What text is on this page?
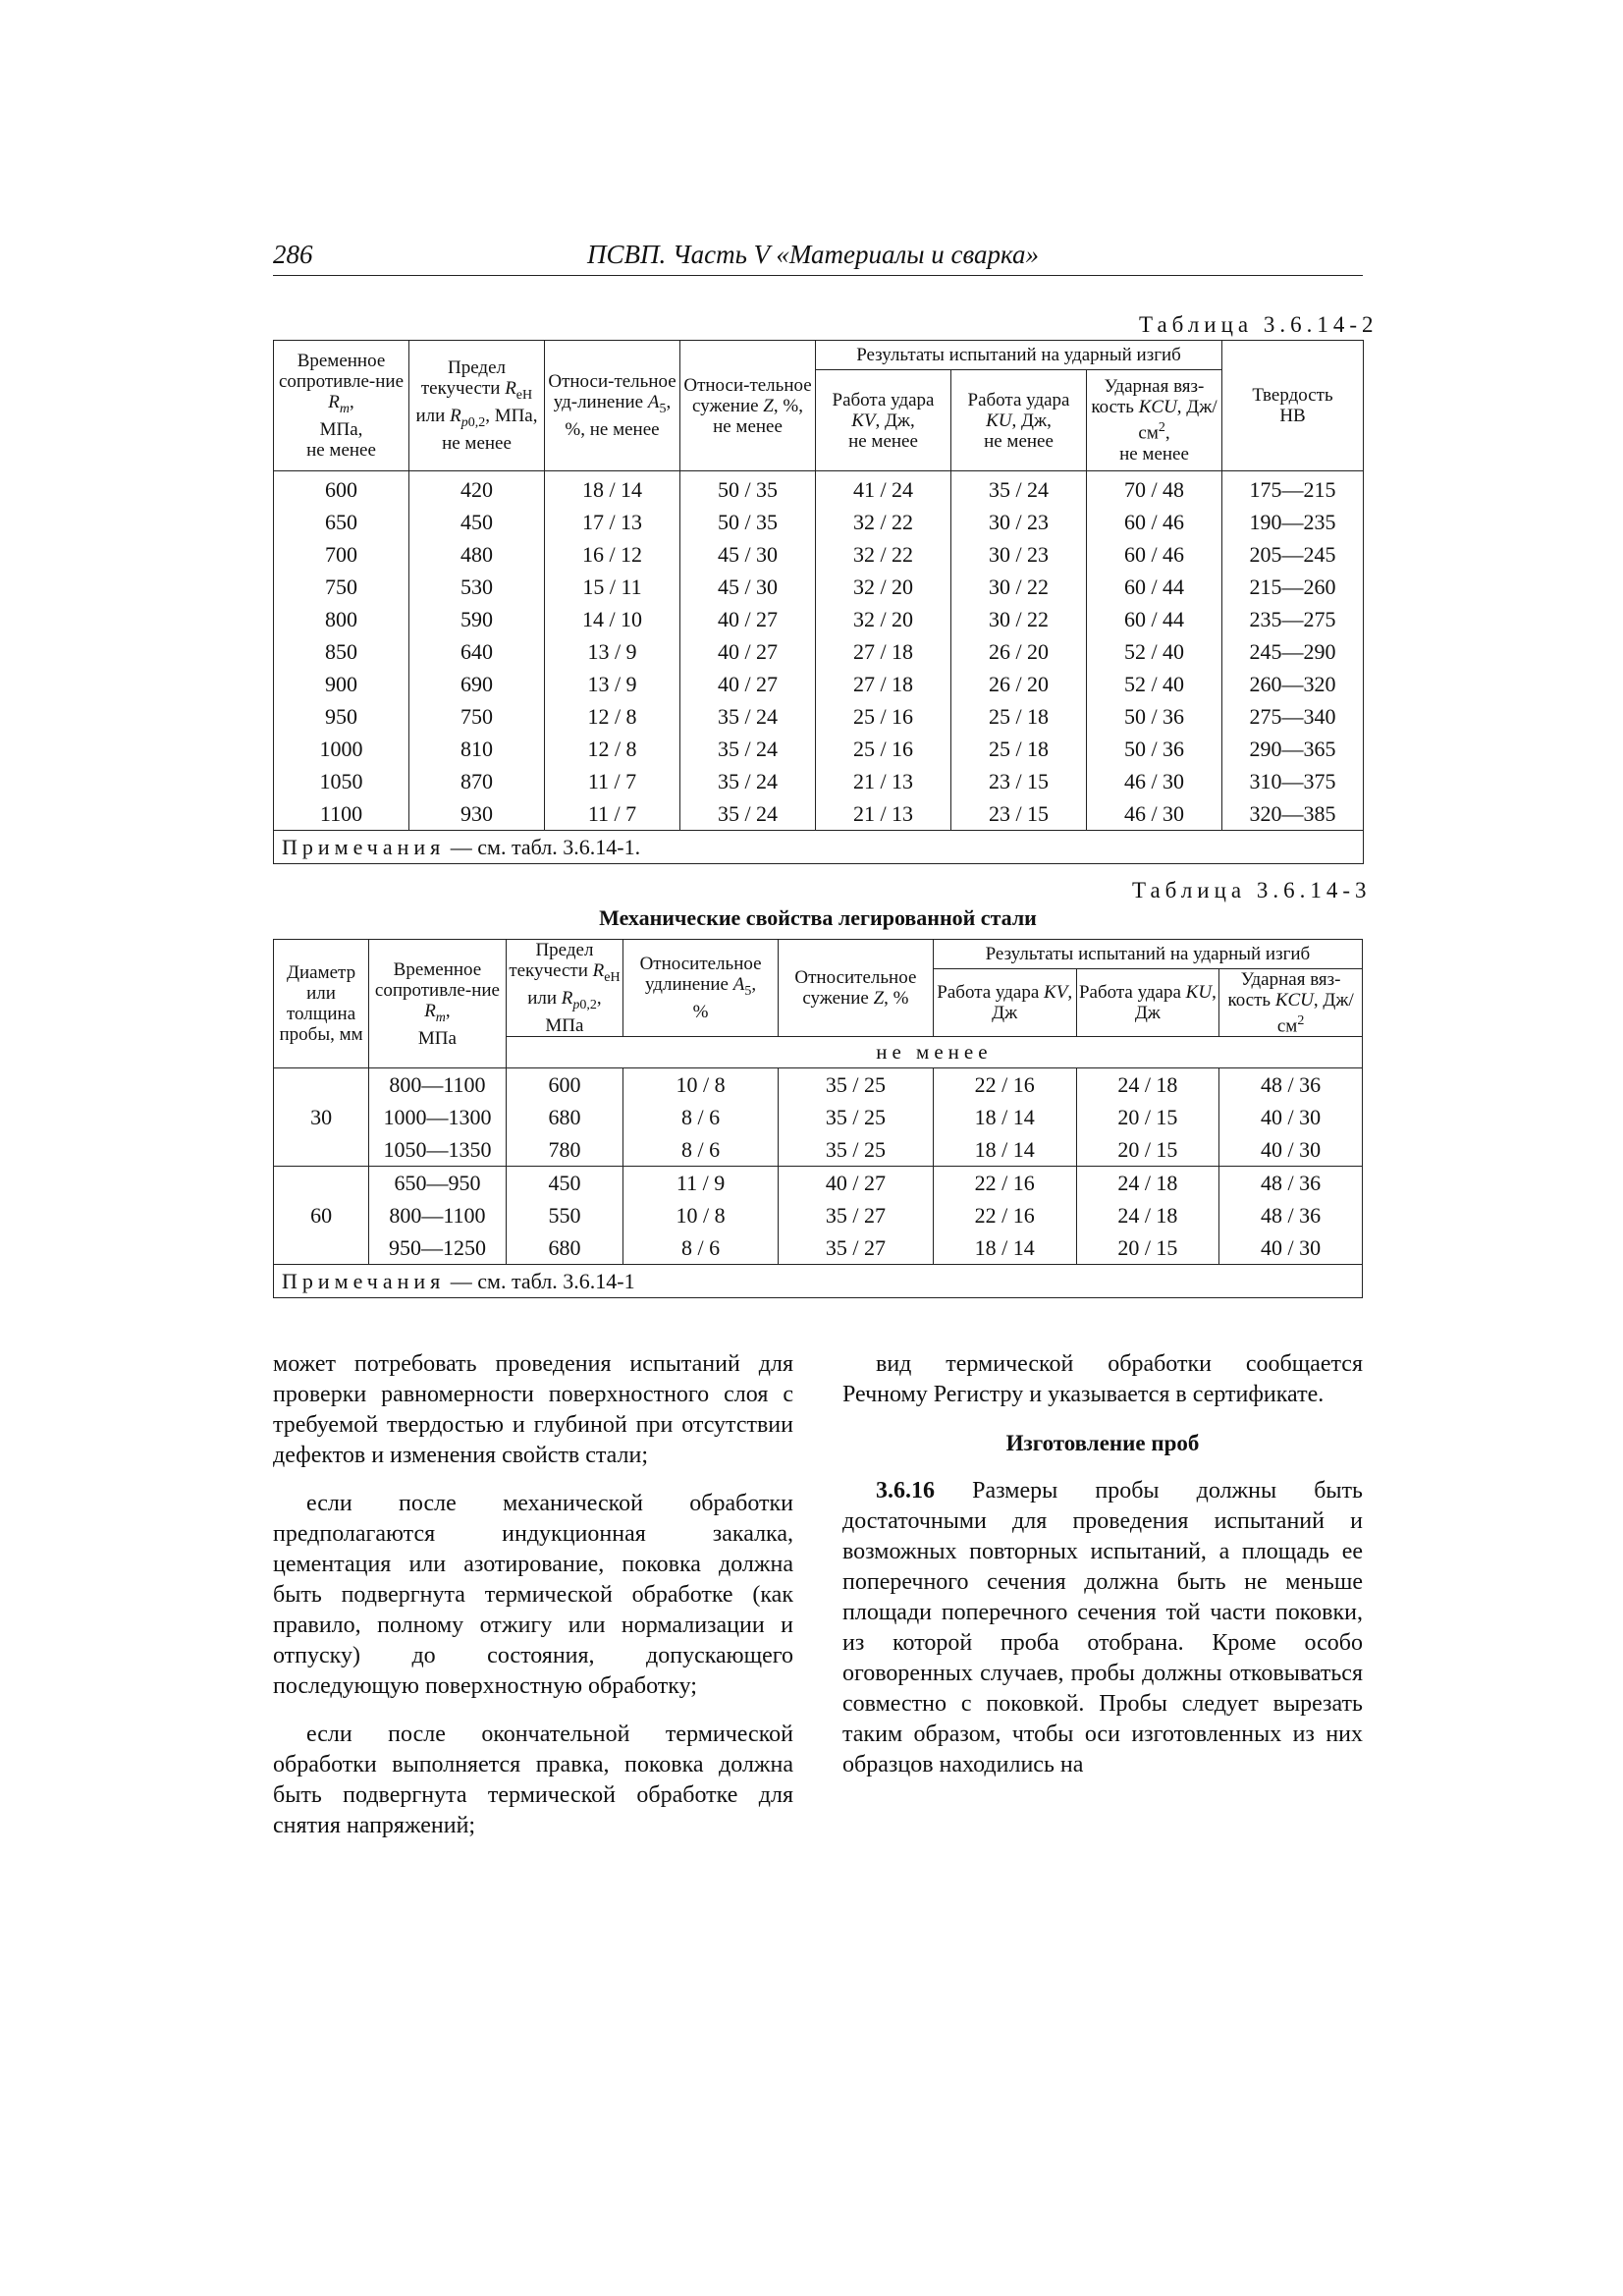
286	ПСВП. Часть V «Материалы и сварка»
Таблица 3.6.14-2
Временное сопротивле-ние $R_m$,
МПа,
не менее	Предел текучести $R_{eH}$ или $R_{p0,2}$, МПа, не менее	Относи-тельное уд-линение $A_5$, %, не менее	Относи-тельное сужение Z, %, не менее	Результаты испытаний на ударный изгиб			Твердость
HB
				Работа удара KV, Дж,
не менее	Работа удара KU, Дж,
не менее	Ударная вяз-кость KCU, $Дж/см^2$,
не менее	
600	420	18 / 14	50 / 35	41 / 24	35 / 24	70 / 48	175—215
650	450	17 / 13	50 / 35	32 / 22	30 / 23	60 / 46	190—235
700	480	16 / 12	45 / 30	32 / 22	30 / 23	60 / 46	205—245
750	530	15 / 11	45 / 30	32 / 20	30 / 22	60 / 44	215—260
800	590	14 / 10	40 / 27	32 / 20	30 / 22	60 / 44	235—275
850	640	13 / 9	40 / 27	27 / 18	26 / 20	52 / 40	245—290
900	690	13 / 9	40 / 27	27 / 18	26 / 20	52 / 40	260—320
950	750	12 / 8	35 / 24	25 / 16	25 / 18	50 / 36	275—340
1000	810	12 / 8	35 / 24	25 / 16	25 / 18	50 / 36	290—365
1050	870	11 / 7	35 / 24	21 / 13	23 / 15	46 / 30	310—375
1100	930	11 / 7	35 / 24	21 / 13	23 / 15	46 / 30	320—385
Примечания — см. табл. 3.6.14-1.							
Таблица 3.6.14-3
Механические свойства легированной стали
Диаметр или толщина пробы, мм	Временное сопротивле-ние $R_m$,
МПа	Предел текучести $R_{eH}$ или $R_{p0,2}$, МПа	Относительное удлинение $A_5$,
%	Относительное сужение Z, %	Результаты испытаний на ударный изгиб		
					Работа удара KV, Дж	Работа удара KU, Дж	Ударная вяз-кость KCU, $Дж/см^2$
		не менее					
30	800—1100	600	10 / 8	35 / 25	22 / 16	24 / 18	48 / 36
	1000—1300	680	8 / 6	35 / 25	18 / 14	20 / 15	40 / 30
	1050—1350	780	8 / 6	35 / 25	18 / 14	20 / 15	40 / 30
60	650—950	450	11 / 9	40 / 27	22 / 16	24 / 18	48 / 36
	800—1100	550	10 / 8	35 / 27	22 / 16	24 / 18	48 / 36
	950—1250	680	8 / 6	35 / 27	18 / 14	20 / 15	40 / 30
Примечания — см. табл. 3.6.14-1							

может потребовать проведения испытаний для проверки равномерности поверхностного слоя с требуемой твердостью и глубиной при отсутствии дефектов и изменения свойств стали;

если после механической обработки предполагаются индукционная закалка, цементация или азотирование, поковка должна быть подвергнута термической обработке (как правило, полному отжигу или нормализации и отпуску) до состояния, допускающего последующую поверхностную обработку;

если после окончательной термической обработки выполняется правка, поковка должна быть подвергнута термической обработке для снятия напряжений;

вид термической обработки сообщается Речному Регистру и указывается в сертификате.

Изготовление проб

3.6.16 Размеры пробы должны быть достаточными для проведения испытаний и возможных повторных испытаний, а площадь ее поперечного сечения должна быть не меньше площади поперечного сечения той части поковки, из которой проба отобрана. Кроме особо оговоренных случаев, пробы должны отковываться совместно с поковкой. Пробы следует вырезать таким образом, чтобы оси изготовленных из них образцов находились на
